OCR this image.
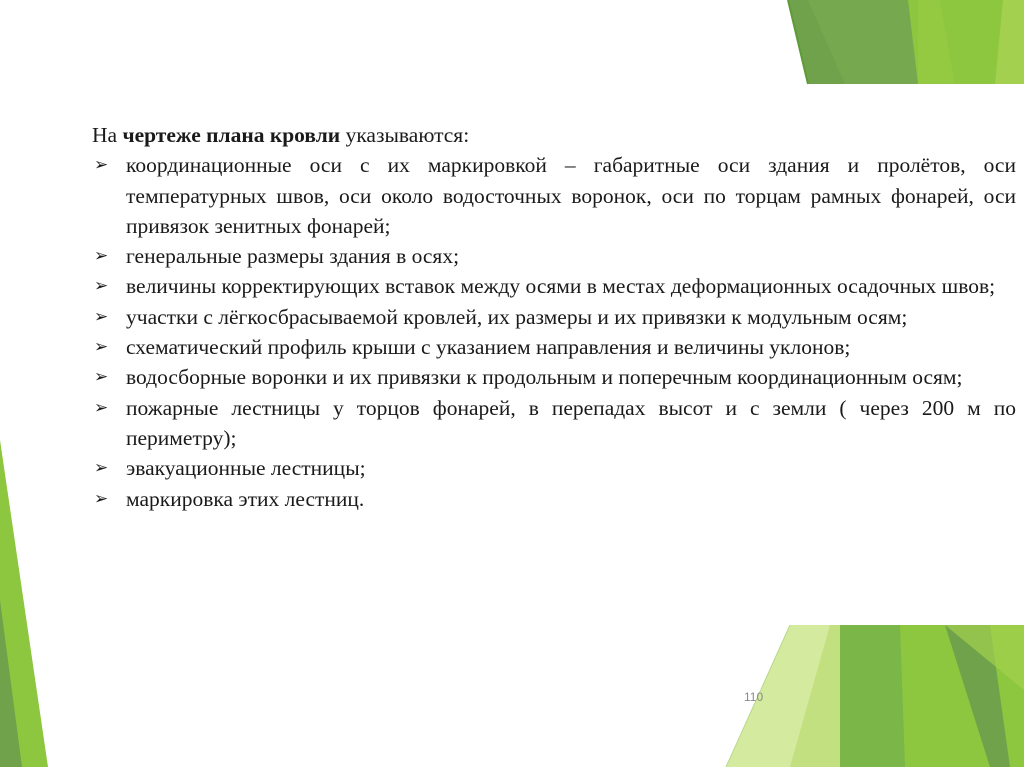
На чертеже плана кровли указываются:

➢ координационные оси с их маркировкой – габаритные оси здания и пролётов, оси температурных швов, оси около водосточных воронок, оси по торцам рамных фонарей, оси привязок зенитных фонарей;
➢ генеральные размеры здания в осях;
➢ величины корректирующих вставок между осями в местах деформационных осадочных швов;
➢ участки с лёгкосбрасываемой кровлей, их размеры и их привязки к модульным осям;
➢ схематический профиль крыши с указанием направления и величины уклонов;
➢ водосборные воронки и их привязки к продольным и поперечным координационным осям;
➢ пожарные лестницы у торцов фонарей, в перепадах высот и с земли ( через 200 м по периметру);
➢ эвакуационные лестницы;
➢ маркировка этих лестниц.
110
